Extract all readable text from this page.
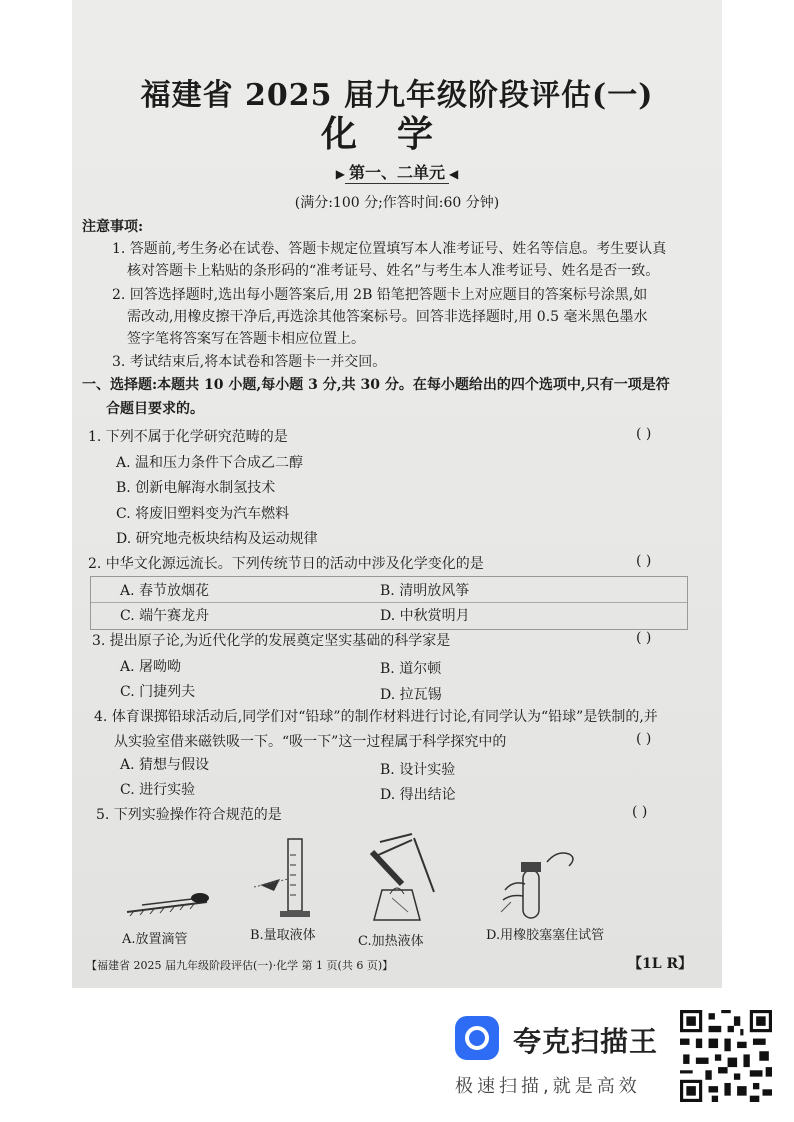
福建省 2025 届九年级阶段评估(一)
化学
▶ 第一、二单元 ◀
(满分:100 分;作答时间:60 分钟)
注意事项:
1. 答题前,考生务必在试卷、答题卡规定位置填写本人准考证号、姓名等信息。考生要认真
核对答题卡上粘贴的条形码的“准考证号、姓名”与考生本人准考证号、姓名是否一致。
2. 回答选择题时,选出每小题答案后,用 2B 铅笔把答题卡上对应题目的答案标号涂黑,如
需改动,用橡皮擦干净后,再选涂其他答案标号。回答非选择题时,用 0.5 毫米黑色墨水
签字笔将答案写在答题卡相应位置上。
3. 考试结束后,将本试卷和答题卡一并交回。
一、选择题:本题共 10 小题,每小题 3 分,共 30 分。在每小题给出的四个选项中,只有一项是符
合题目要求的。
1. 下列不属于化学研究范畴的是	( )
A. 温和压力条件下合成乙二醇
B. 创新电解海水制氢技术
C. 将废旧塑料变为汽车燃料
D. 研究地壳板块结构及运动规律
2. 中华文化源远流长。下列传统节日的活动中涉及化学变化的是	( )
A. 春节放烟花	B. 清明放风筝
C. 端午赛龙舟	D. 中秋赏明月
3. 提出原子论,为近代化学的发展奠定坚实基础的科学家是	( )
A. 屠呦呦	B. 道尔顿
C. 门捷列夫	D. 拉瓦锡
4. 体育课掷铅球活动后,同学们对“铅球”的制作材料进行讨论,有同学认为“铅球”是铁制的,并
从实验室借来磁铁吸一下。“吸一下”这一过程属于科学探究中的	( )
A. 猜想与假设	B. 设计实验
C. 进行实验	D. 得出结论
5. 下列实验操作符合规范的是	( )
A.放置滴管	B.量取液体	C.加热液体	D.用橡胶塞塞住试管
【福建省 2025 届九年级阶段评估(一)·化学 第 1 页(共 6 页)】	【1L R】
夸克扫描王
极速扫描,就是高效
